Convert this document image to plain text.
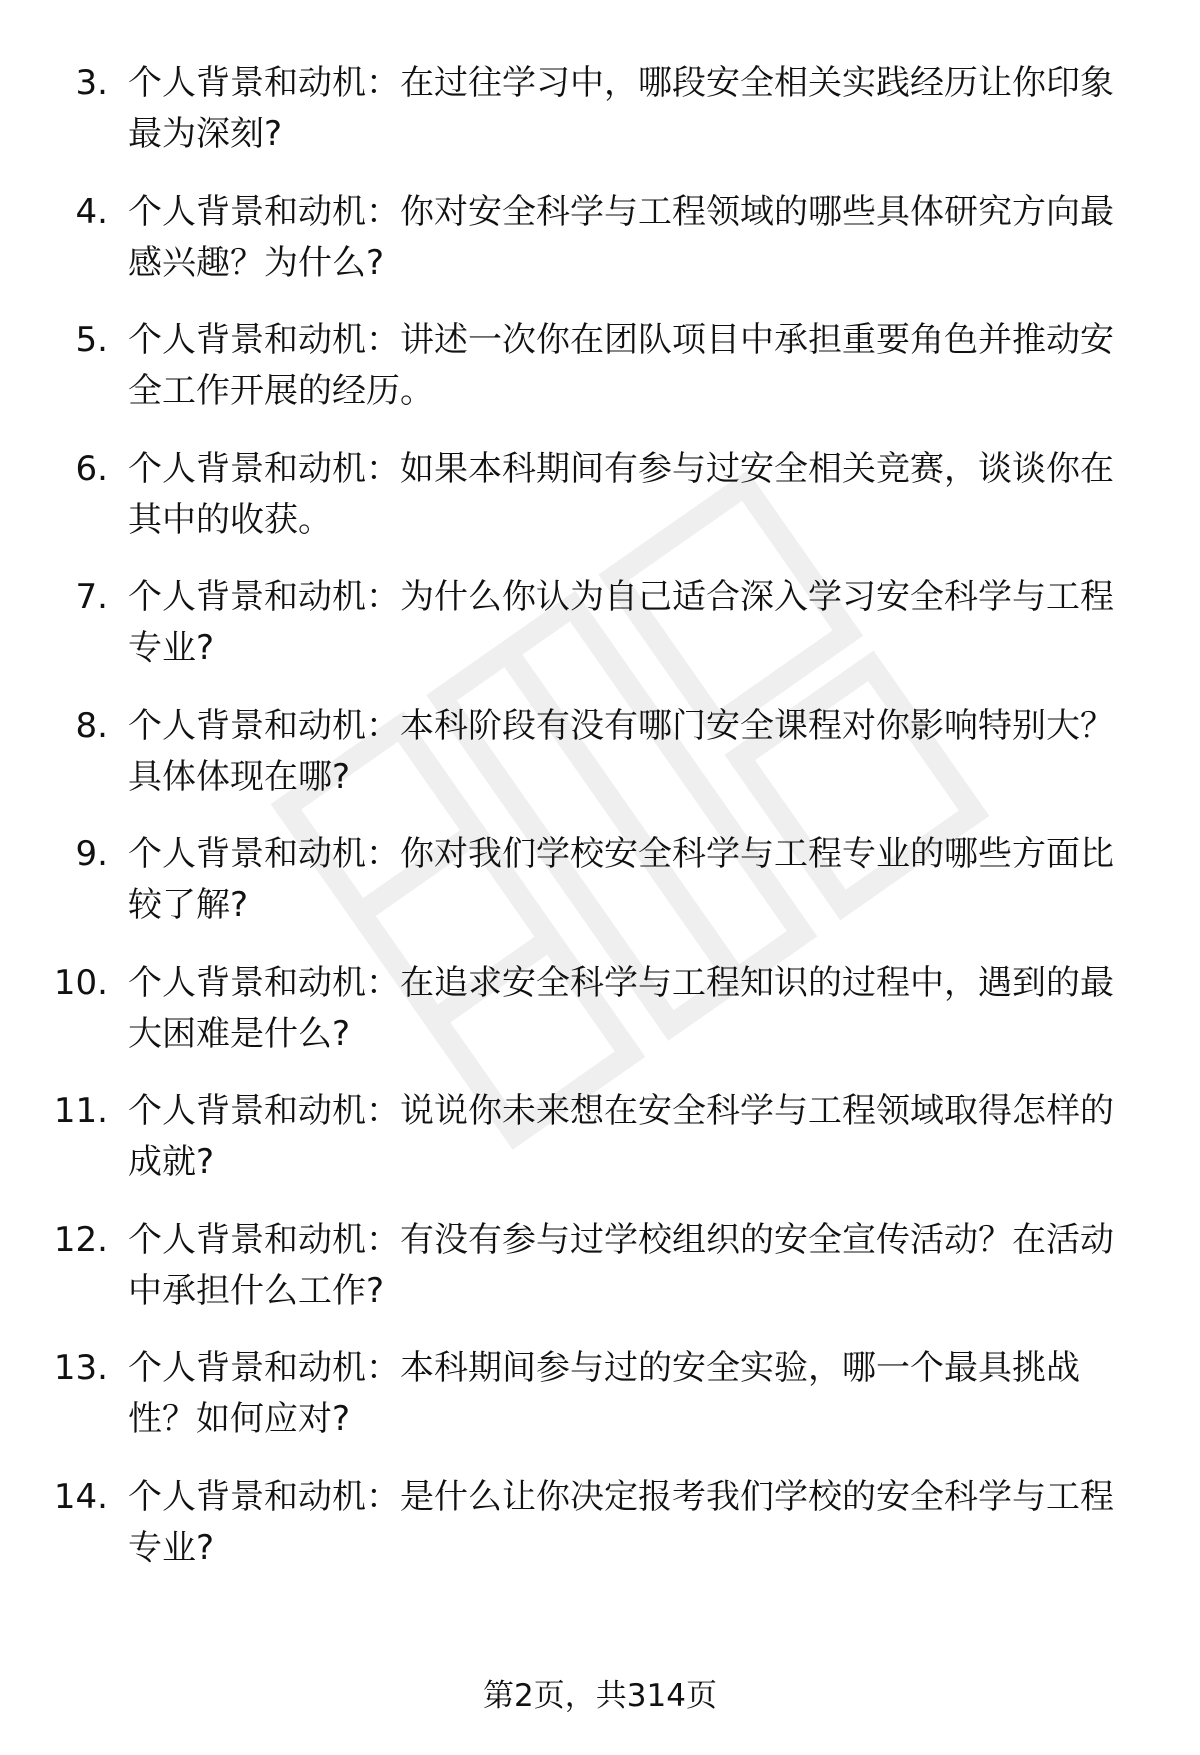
3. 个人背景和动机：在过往学习中，哪段安全相关实践经历让你印象最为深刻?
4. 个人背景和动机：你对安全科学与工程领域的哪些具体研究方向最感兴趣？为什么?
5. 个人背景和动机：讲述一次你在团队项目中承担重要角色并推动安全工作开展的经历。
6. 个人背景和动机：如果本科期间有参与过安全相关竞赛，谈谈你在其中的收获。
7. 个人背景和动机：为什么你认为自己适合深入学习安全科学与工程专业?
8. 个人背景和动机：本科阶段有没有哪门安全课程对你影响特别大？具体体现在哪?
9. 个人背景和动机：你对我们学校安全科学与工程专业的哪些方面比较了解?
10. 个人背景和动机：在追求安全科学与工程知识的过程中，遇到的最大困难是什么?
11. 个人背景和动机：说说你未来想在安全科学与工程领域取得怎样的成就?
12. 个人背景和动机：有没有参与过学校组织的安全宣传活动？在活动中承担什么工作?
13. 个人背景和动机：本科期间参与过的安全实验，哪一个最具挑战性？如何应对?
14. 个人背景和动机：是什么让你决定报考我们学校的安全科学与工程专业?
第2页，共314页
